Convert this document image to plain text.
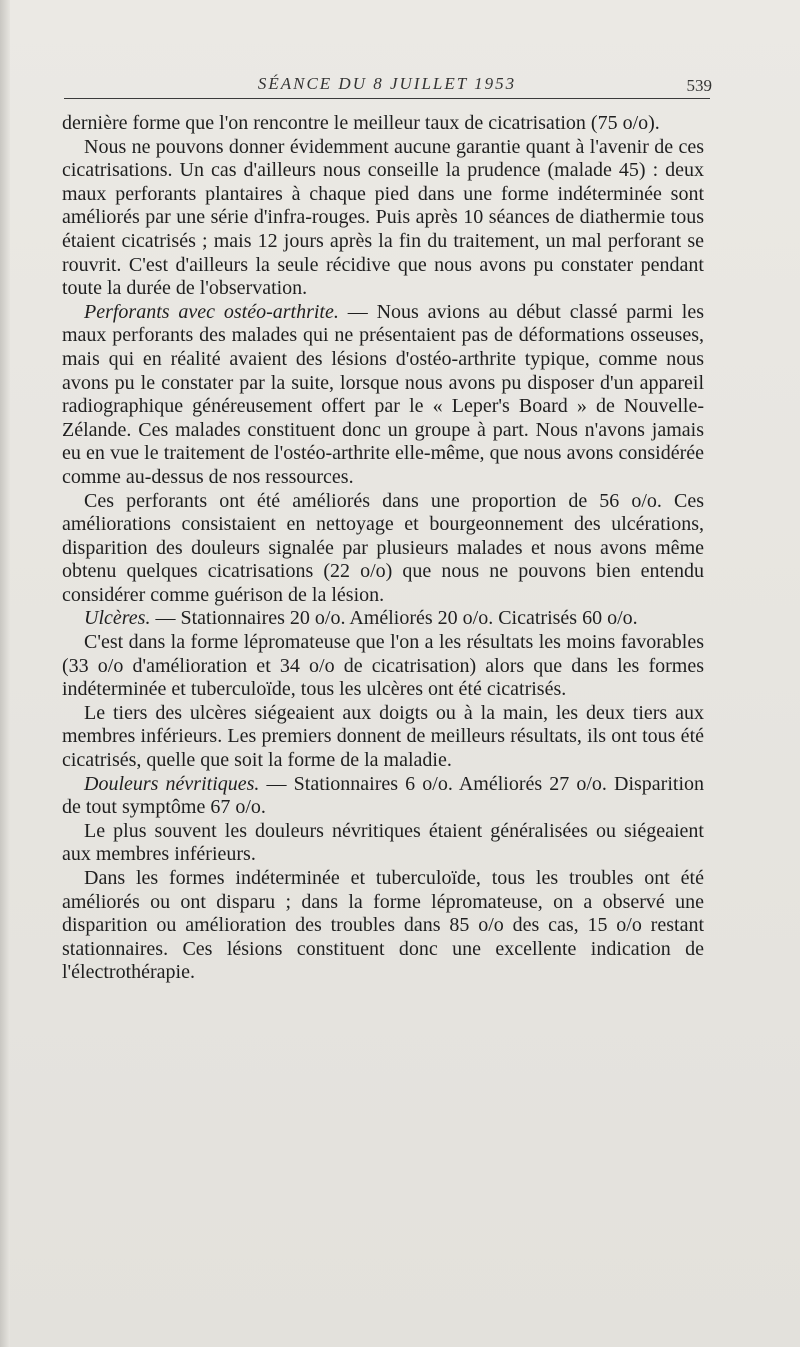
SÉANCE DU 8 JUILLET 1953	539

dernière forme que l'on rencontre le meilleur taux de cicatrisation (75 o/o).

Nous ne pouvons donner évidemment aucune garantie quant à l'avenir de ces cicatrisations. Un cas d'ailleurs nous conseille la prudence (malade 45) : deux maux perforants plantaires à chaque pied dans une forme indéterminée sont améliorés par une série d'infra-rouges. Puis après 10 séances de diathermie tous étaient cicatrisés ; mais 12 jours après la fin du traitement, un mal perforant se rouvrit. C'est d'ailleurs la seule récidive que nous avons pu constater pendant toute la durée de l'observation.

Perforants avec ostéo-arthrite. — Nous avions au début classé parmi les maux perforants des malades qui ne présentaient pas de déformations osseuses, mais qui en réalité avaient des lésions d'ostéo-arthrite typique, comme nous avons pu le constater par la suite, lorsque nous avons pu disposer d'un appareil radiographique généreusement offert par le « Leper's Board » de Nouvelle-Zélande. Ces malades constituent donc un groupe à part. Nous n'avons jamais eu en vue le traitement de l'ostéo-arthrite elle-même, que nous avons considérée comme au-dessus de nos ressources.

Ces perforants ont été améliorés dans une proportion de 56 o/o. Ces améliorations consistaient en nettoyage et bourgeonnement des ulcérations, disparition des douleurs signalée par plusieurs malades et nous avons même obtenu quelques cicatrisations (22 o/o) que nous ne pouvons bien entendu considérer comme guérison de la lésion.

Ulcères. — Stationnaires 20 o/o. Améliorés 20 o/o. Cicatrisés 60 o/o.

C'est dans la forme lépromateuse que l'on a les résultats les moins favorables (33 o/o d'amélioration et 34 o/o de cicatrisation) alors que dans les formes indéterminée et tuberculoïde, tous les ulcères ont été cicatrisés.

Le tiers des ulcères siégeaient aux doigts ou à la main, les deux tiers aux membres inférieurs. Les premiers donnent de meilleurs résultats, ils ont tous été cicatrisés, quelle que soit la forme de la maladie.

Douleurs névritiques. — Stationnaires 6 o/o. Améliorés 27 o/o. Disparition de tout symptôme 67 o/o.

Le plus souvent les douleurs névritiques étaient généralisées ou siégeaient aux membres inférieurs.

Dans les formes indéterminée et tuberculoïde, tous les troubles ont été améliorés ou ont disparu ; dans la forme lépromateuse, on a observé une disparition ou amélioration des troubles dans 85 o/o des cas, 15 o/o restant stationnaires. Ces lésions constituent donc une excellente indication de l'électrothérapie.
